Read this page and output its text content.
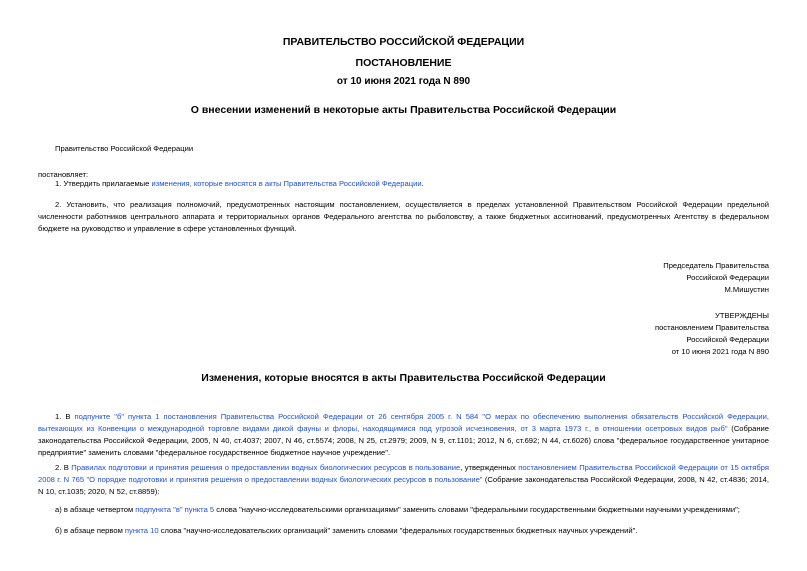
ПРАВИТЕЛЬСТВО РОССИЙСКОЙ ФЕДЕРАЦИИ
ПОСТАНОВЛЕНИЕ
от 10 июня 2021 года N 890
О внесении изменений в некоторые акты Правительства Российской Федерации
Правительство Российской Федерации
постановляет:
1. Утвердить прилагаемые изменения, которые вносятся в акты Правительства Российской Федерации.
2. Установить, что реализация полномочий, предусмотренных настоящим постановлением, осуществляется в пределах установленной Правительством Российской Федерации предельной численности работников центрального аппарата и территориальных органов Федерального агентства по рыболовству, а также бюджетных ассигнований, предусмотренных Агентству в федеральном бюджете на руководство и управление в сфере установленных функций.
Председатель Правительства
Российской Федерации
М.Мишустин
УТВЕРЖДЕНЫ
постановлением Правительства
Российской Федерации
от 10 июня 2021 года N 890
Изменения, которые вносятся в акты Правительства Российской Федерации
1. В подпункте "б" пункта 1 постановления Правительства Российской Федерации от 26 сентября 2005 г. N 584 "О мерах по обеспечению выполнения обязательств Российской Федерации, вытекающих из Конвенции о международной торговле видами дикой фауны и флоры, находящимися под угрозой исчезновения, от 3 марта 1973 г., в отношении осетровых видов рыб" (Собрание законодательства Российской Федерации, 2005, N 40, ст.4037; 2007, N 46, ст.5574; 2008, N 25, ст.2979; 2009, N 9, ст.1101; 2012, N 6, ст.692; N 44, ст.6026) слова "федеральное государственное унитарное предприятие" заменить словами "федеральное государственное бюджетное научное учреждение".
2. В Правилах подготовки и принятия решения о предоставлении водных биологических ресурсов в пользование, утвержденных постановлением Правительства Российской Федерации от 15 октября 2008 г. N 765 "О порядке подготовки и принятия решения о предоставлении водных биологических ресурсов в пользование" (Собрание законодательства Российской Федерации, 2008, N 42, ст.4836; 2014, N 10, ст.1035; 2020, N 52, ст.8859):
а) в абзаце четвертом подпункта "в" пункта 5 слова "научно-исследовательскими организациями" заменить словами "федеральными государственными бюджетными научными учреждениями";
б) в абзаце первом пункта 10 слова "научно-исследовательских организаций" заменить словами "федеральных государственных бюджетных научных учреждений".
